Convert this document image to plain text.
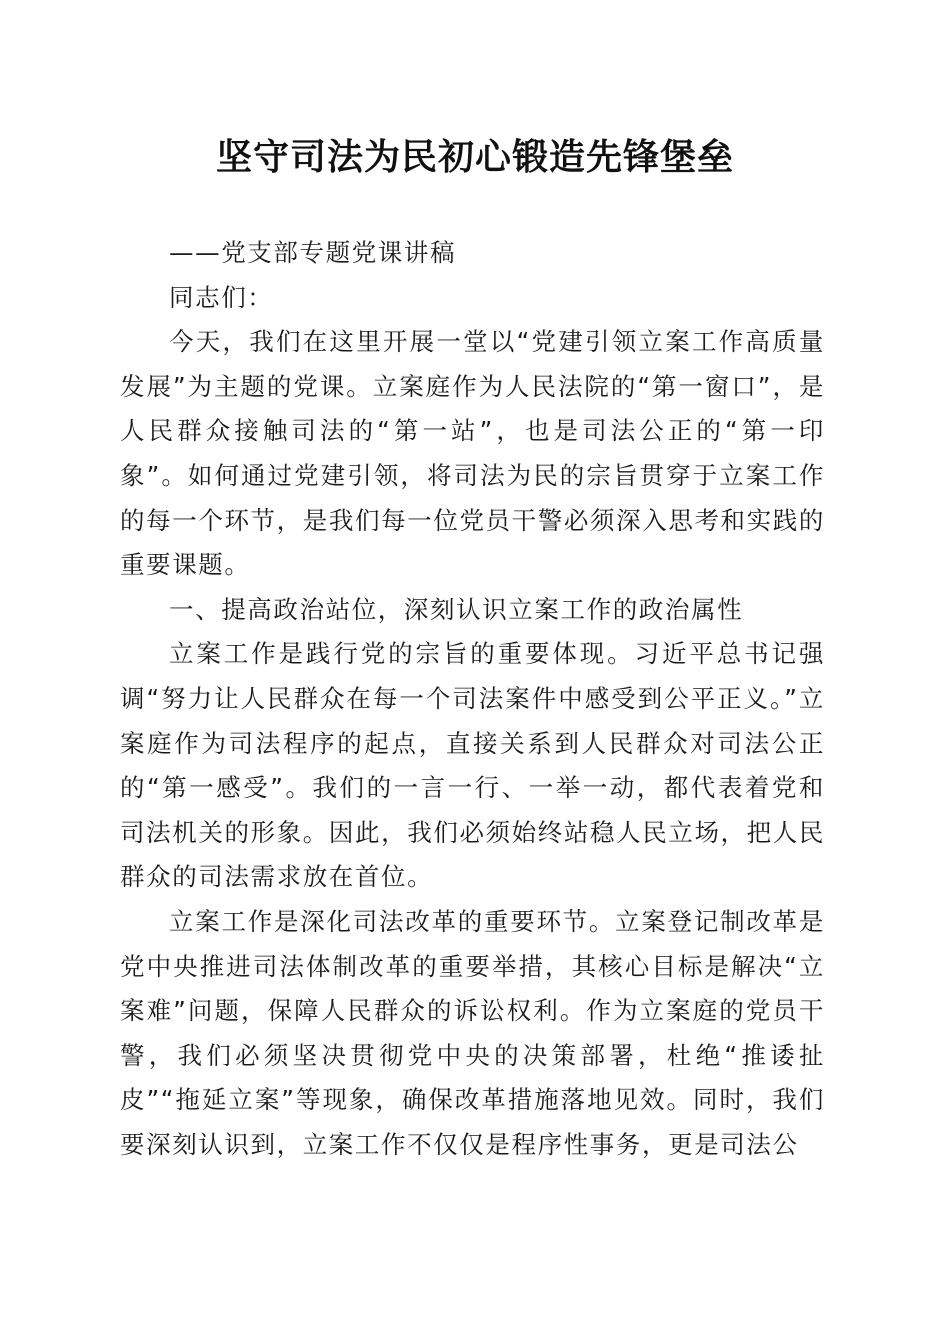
坚守司法为民初心锻造先锋堡垒

——党支部专题党课讲稿

同志们：

今天，我们在这里开展一堂以“党建引领立案工作高质量发展”为主题的党课。立案庭作为人民法院的“第一窗口”，是人民群众接触司法的“第一站”，也是司法公正的“第一印象”。如何通过党建引领，将司法为民的宗旨贯穿于立案工作的每一个环节，是我们每一位党员干警必须深入思考和实践的重要课题。

一、提高政治站位，深刻认识立案工作的政治属性

立案工作是践行党的宗旨的重要体现。习近平总书记强调“努力让人民群众在每一个司法案件中感受到公平正义。”立案庭作为司法程序的起点，直接关系到人民群众对司法公正的“第一感受”。我们的一言一行、一举一动，都代表着党和司法机关的形象。因此，我们必须始终站稳人民立场，把人民群众的司法需求放在首位。

立案工作是深化司法改革的重要环节。立案登记制改革是党中央推进司法体制改革的重要举措，其核心目标是解决“立案难”问题，保障人民群众的诉讼权利。作为立案庭的党员干警，我们必须坚决贯彻党中央的决策部署，杜绝“推诿扯皮”“拖延立案”等现象，确保改革措施落地见效。同时，我们要深刻认识到，立案工作不仅仅是程序性事务，更是司法公
